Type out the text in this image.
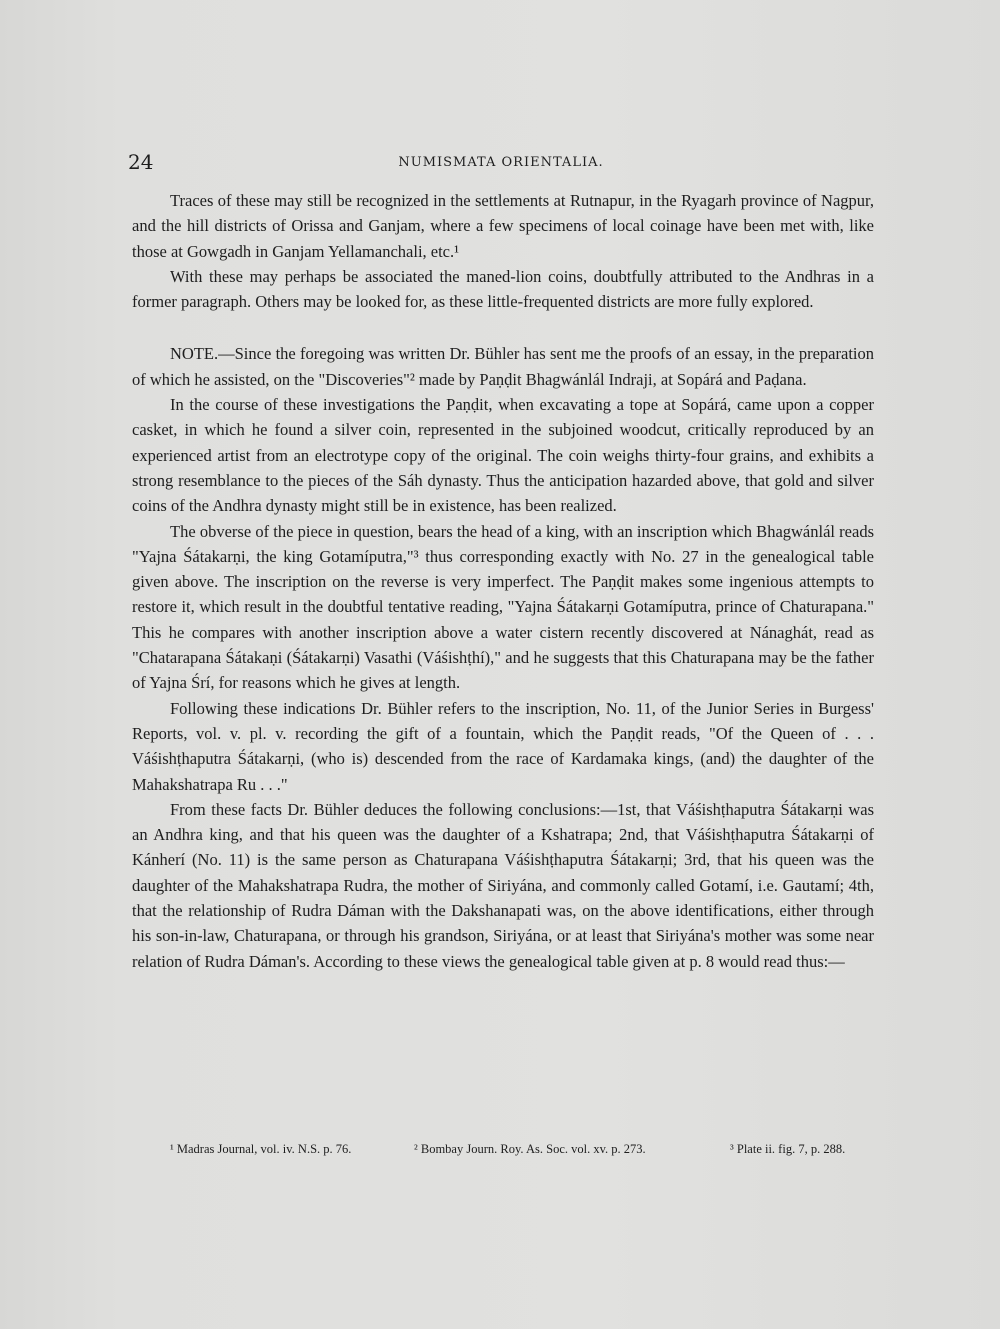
24	NUMISMATA ORIENTALIA.

Traces of these may still be recognized in the settlements at Rutnapur, in the Ryagarh province of Nagpur, and the hill districts of Orissa and Ganjam, where a few specimens of local coinage have been met with, like those at Gowgadh in Ganjam Yellamanchali, etc.¹

With these may perhaps be associated the maned-lion coins, doubtfully attributed to the Andhras in a former paragraph. Others may be looked for, as these little-frequented districts are more fully explored.

NOTE.—Since the foregoing was written Dr. Bühler has sent me the proofs of an essay, in the preparation of which he assisted, on the "Discoveries"² made by Paṇḍit Bhagwánlál Indraji, at Sopárá and Paḍana.

In the course of these investigations the Paṇḍit, when excavating a tope at Sopárá, came upon a copper casket, in which he found a silver coin, represented in the subjoined woodcut, critically reproduced by an experienced artist from an electrotype copy of the original. The coin weighs thirty-four grains, and exhibits a strong resemblance to the pieces of the Sáh dynasty. Thus the anticipation hazarded above, that gold and silver coins of the Andhra dynasty might still be in existence, has been realized.

The obverse of the piece in question, bears the head of a king, with an inscription which Bhagwánlál reads "Yajna Śátakarṇi, the king Gotamíputra,"³ thus corresponding exactly with No. 27 in the genealogical table given above. The inscription on the reverse is very imperfect. The Paṇḍit makes some ingenious attempts to restore it, which result in the doubtful tentative reading, "Yajna Śátakarṇi Gotamíputra, prince of Chaturapana." This he compares with another inscription above a water cistern recently discovered at Nánaghát, read as "Chatarapana Śátakaṇi (Śátakarṇi) Vasathi (Váśishṭhí)," and he suggests that this Chaturapana may be the father of Yajna Śrí, for reasons which he gives at length.

Following these indications Dr. Bühler refers to the inscription, No. 11, of the Junior Series in Burgess' Reports, vol. v. pl. v. recording the gift of a fountain, which the Paṇḍit reads, "Of the Queen of . . . Váśishṭhaputra Śátakarṇi, (who is) descended from the race of Kardamaka kings, (and) the daughter of the Mahakshatrapa Ru . . ."

From these facts Dr. Bühler deduces the following conclusions:—1st, that Váśishṭhaputra Śátakarṇi was an Andhra king, and that his queen was the daughter of a Kshatrapa; 2nd, that Váśishṭhaputra Śátakarṇi of Kánherí (No. 11) is the same person as Chaturapana Váśishṭhaputra Śátakarṇi; 3rd, that his queen was the daughter of the Mahakshatrapa Rudra, the mother of Siriyána, and commonly called Gotamí, i.e. Gautamí; 4th, that the relationship of Rudra Dáman with the Dakshanapati was, on the above identifications, either through his son-in-law, Chaturapana, or through his grandson, Siriyána, or at least that Siriyána's mother was some near relation of Rudra Dáman's. According to these views the genealogical table given at p. 8 would read thus:—

¹ Madras Journal, vol. iv. N.S. p. 76.	² Bombay Journ. Roy. As. Soc. vol. xv. p. 273.	³ Plate ii. fig. 7, p. 288.
